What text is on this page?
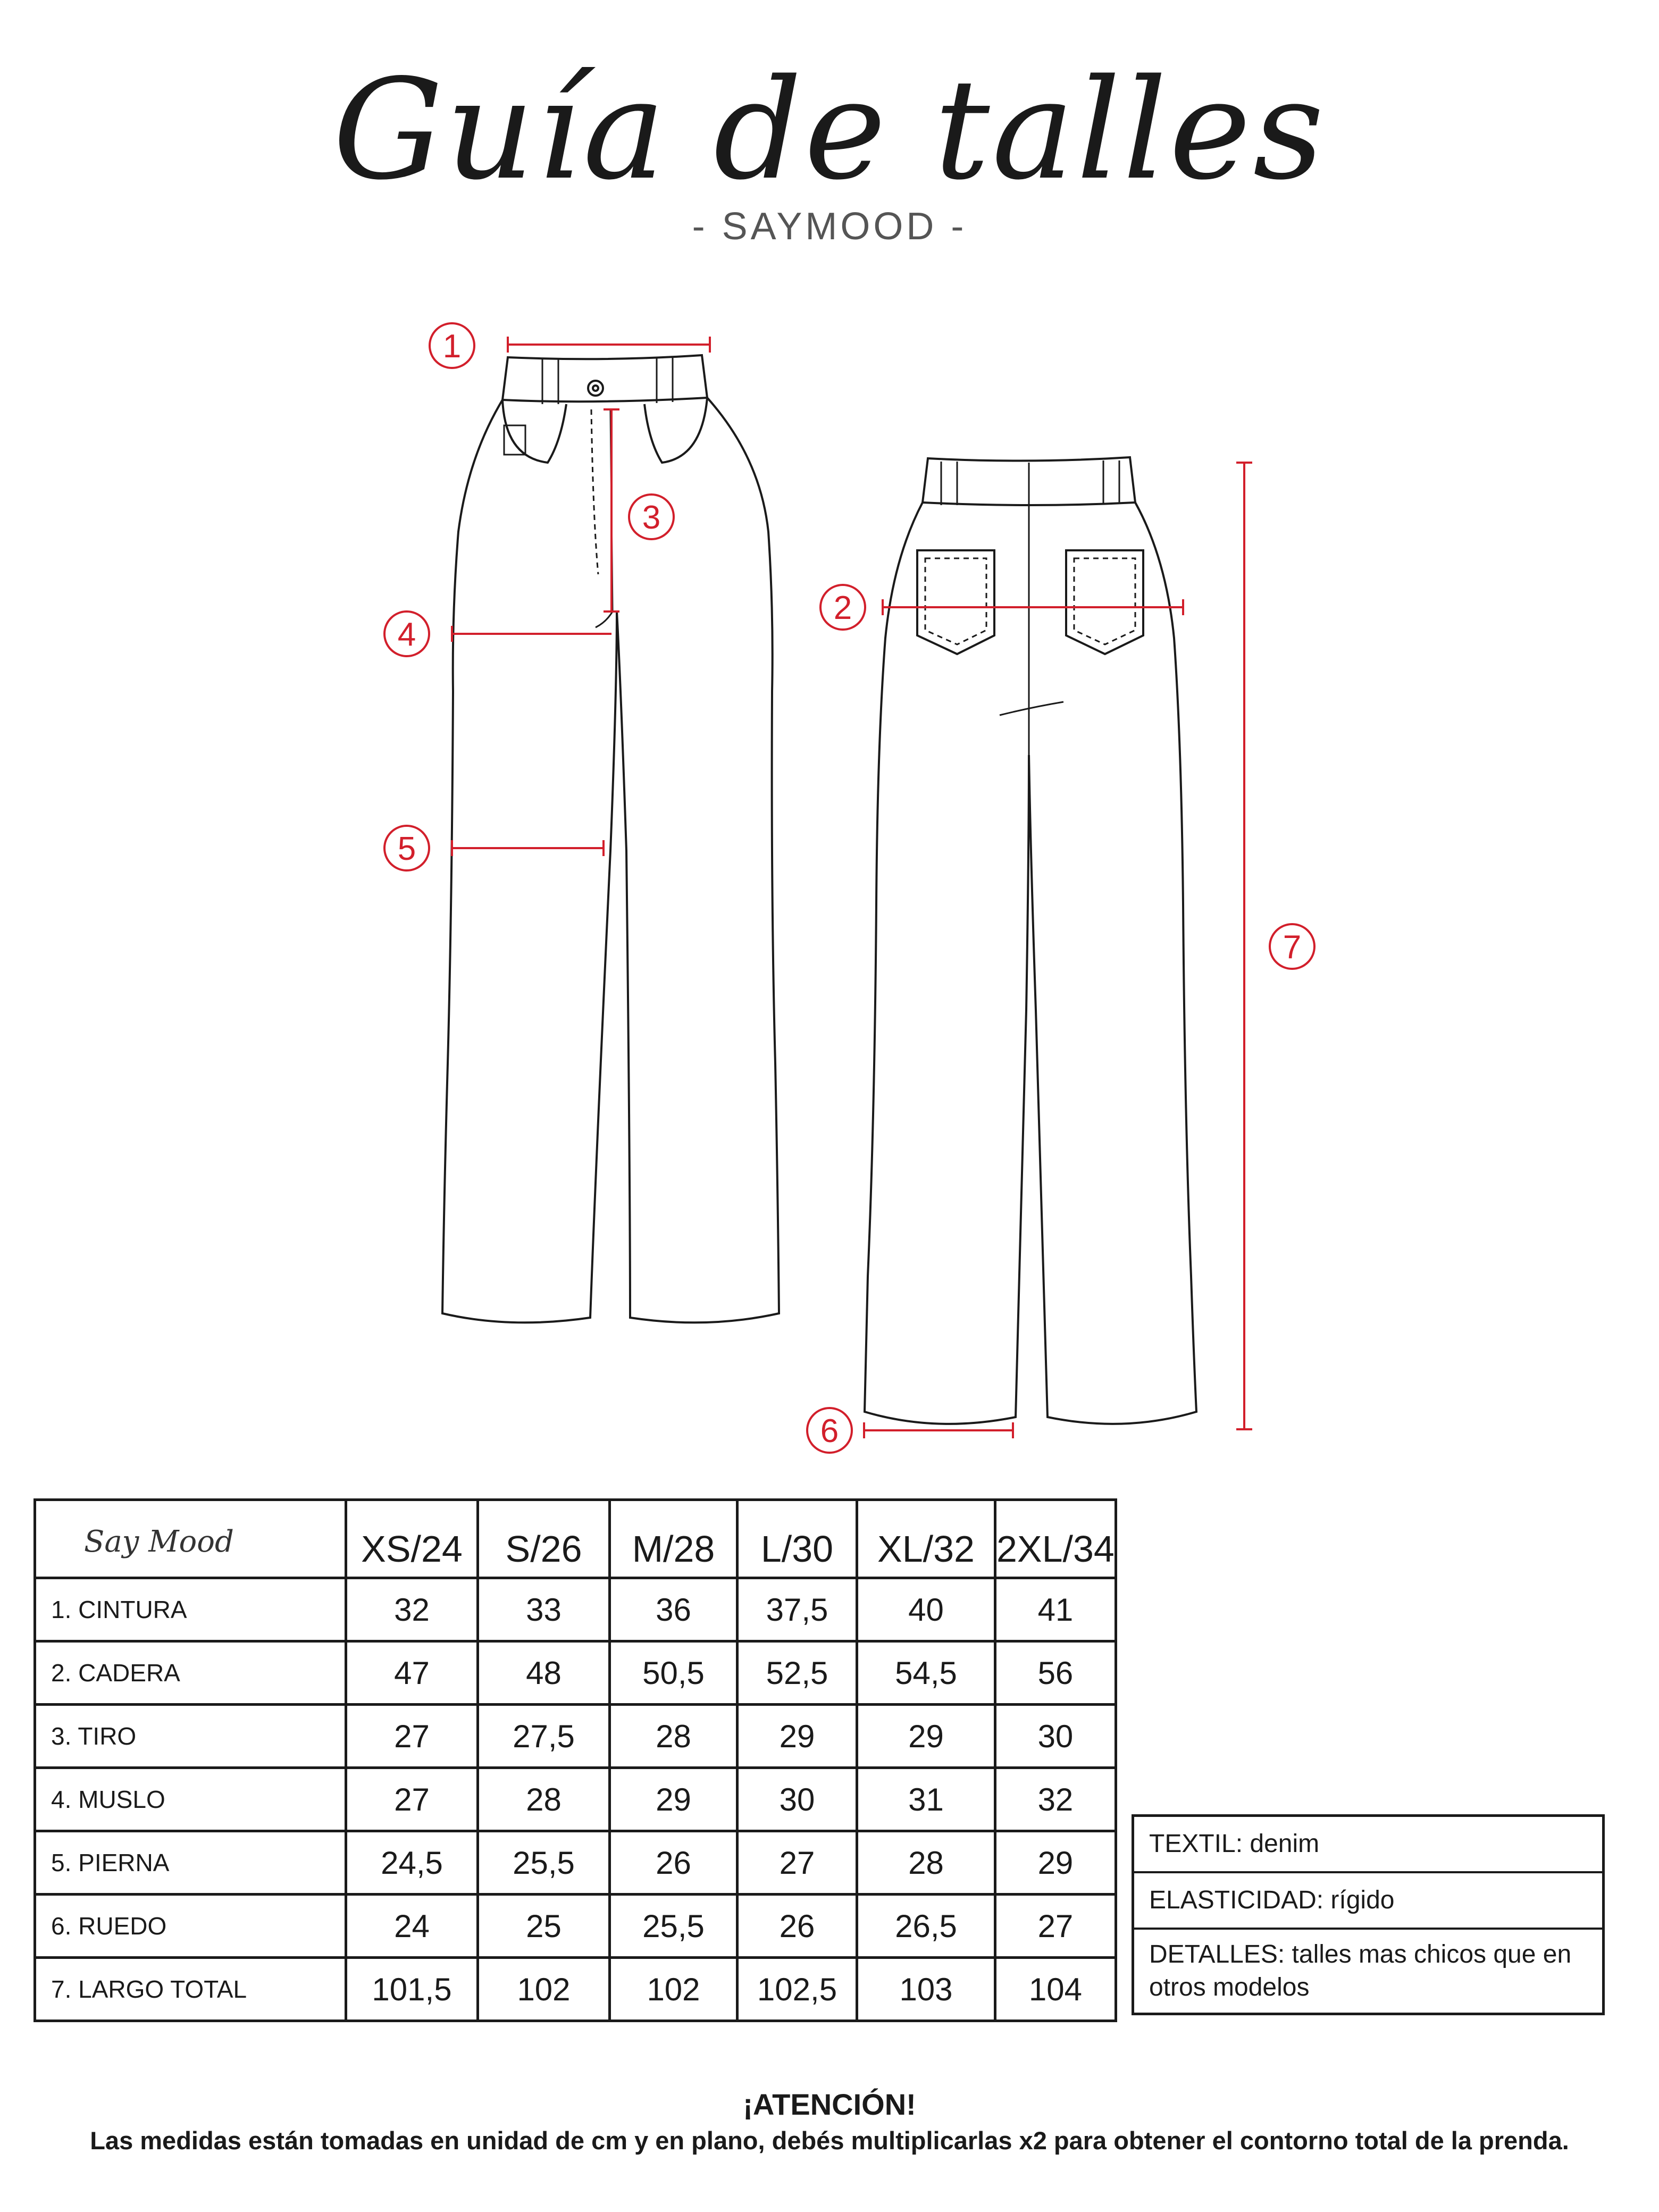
Guía de talles
- SAYMOOD -
1
2
3
4
5
6
7
Say Mood	XS/24	S/26	M/28	L/30	XL/32	2XL/34
1. CINTURA	32	33	36	37,5	40	41
2. CADERA	47	48	50,5	52,5	54,5	56
3. TIRO	27	27,5	28	29	29	30
4. MUSLO	27	28	29	30	31	32
5. PIERNA	24,5	25,5	26	27	28	29
6. RUEDO	24	25	25,5	26	26,5	27
7. LARGO TOTAL	101,5	102	102	102,5	103	104
TEXTIL: denim
ELASTICIDAD: rígido
DETALLES: talles mas chicos que en otros modelos
¡ATENCIÓN!
Las medidas están tomadas en unidad de cm y en plano, debés multiplicarlas x2 para obtener el contorno total de la prenda.
